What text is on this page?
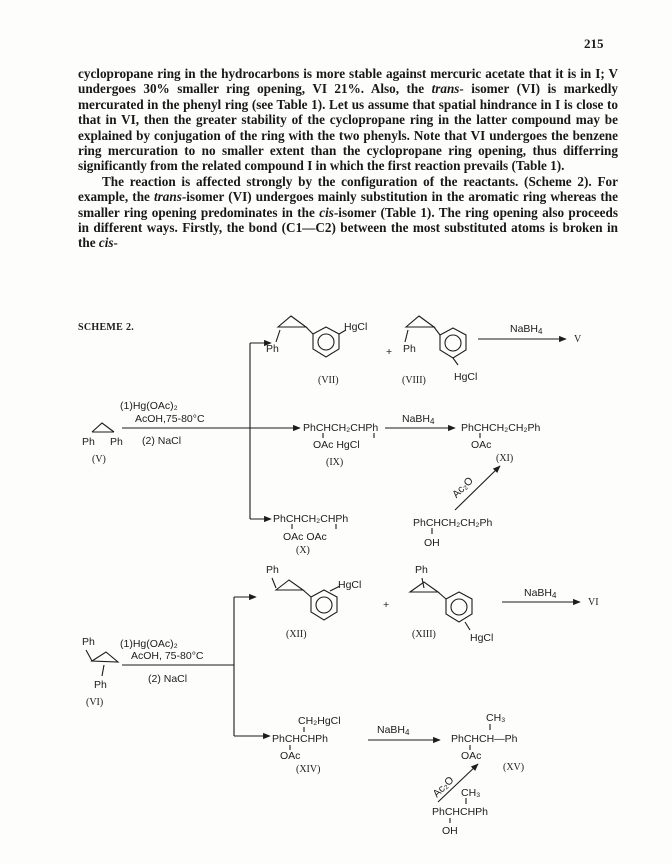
215

cyclopropane ring in the hydrocarbons is more stable against mercuric acetate that it is in I; V undergoes 30% smaller ring opening, VI 21%. Also, the trans- isomer (VI) is markedly mercurated in the phenyl ring (see Table 1). Let us assume that spatial hindrance in I is close to that in VI, then the greater stability of the cyclopropane ring in the latter compound may be explained by conjugation of the ring with the two phenyls. Note that VI undergoes the benzene ring mercuration to no smaller extent than the cyclopropane ring opening, thus differring significantly from the related compound I in which the first reaction prevails (Table 1).

The reaction is affected strongly by the configuration of the reactants. (Scheme 2). For example, the trans-isomer (VI) undergoes mainly substitution in the aromatic ring whereas the smaller ring opening predominates in the cis-isomer (Table 1). The ring opening also proceeds in different ways. Firstly, the bond (C1—C2) between the most substituted atoms is broken in the cis-

SCHEME 2.
Ph Ph
(V)
(1)Hg(OAc)₂
AcOH,75-80°C
(2) NaCl
Ph
HgCl
(VII)
+ Ph
HgCl
(VIII)
NaBH4
V
PhCHCH₂CHPh
OAc HgCl
(IX)
NaBH4
PhCHCH₂CH₂Ph
OAc
(XI)
Ac₂O
PhCHCH₂CHPh
OAc OAc
(X)
PhCHCH₂CH₂Ph
OH
Ph
Ph
(VI)
(1)Hg(OAc)₂
AcOH, 75-80°C
(2) NaCl
Ph
HgCl
(XII)
+
Ph
HgCl
(XIII)
NaBH4
VI
CH₂HgCl
PhCHCHPh
OAc
(XIV)
NaBH4
CH₃
PhCHCH—Ph
OAc
(XV)
Ac₂O CH₃
PhCHCHPh
OH
